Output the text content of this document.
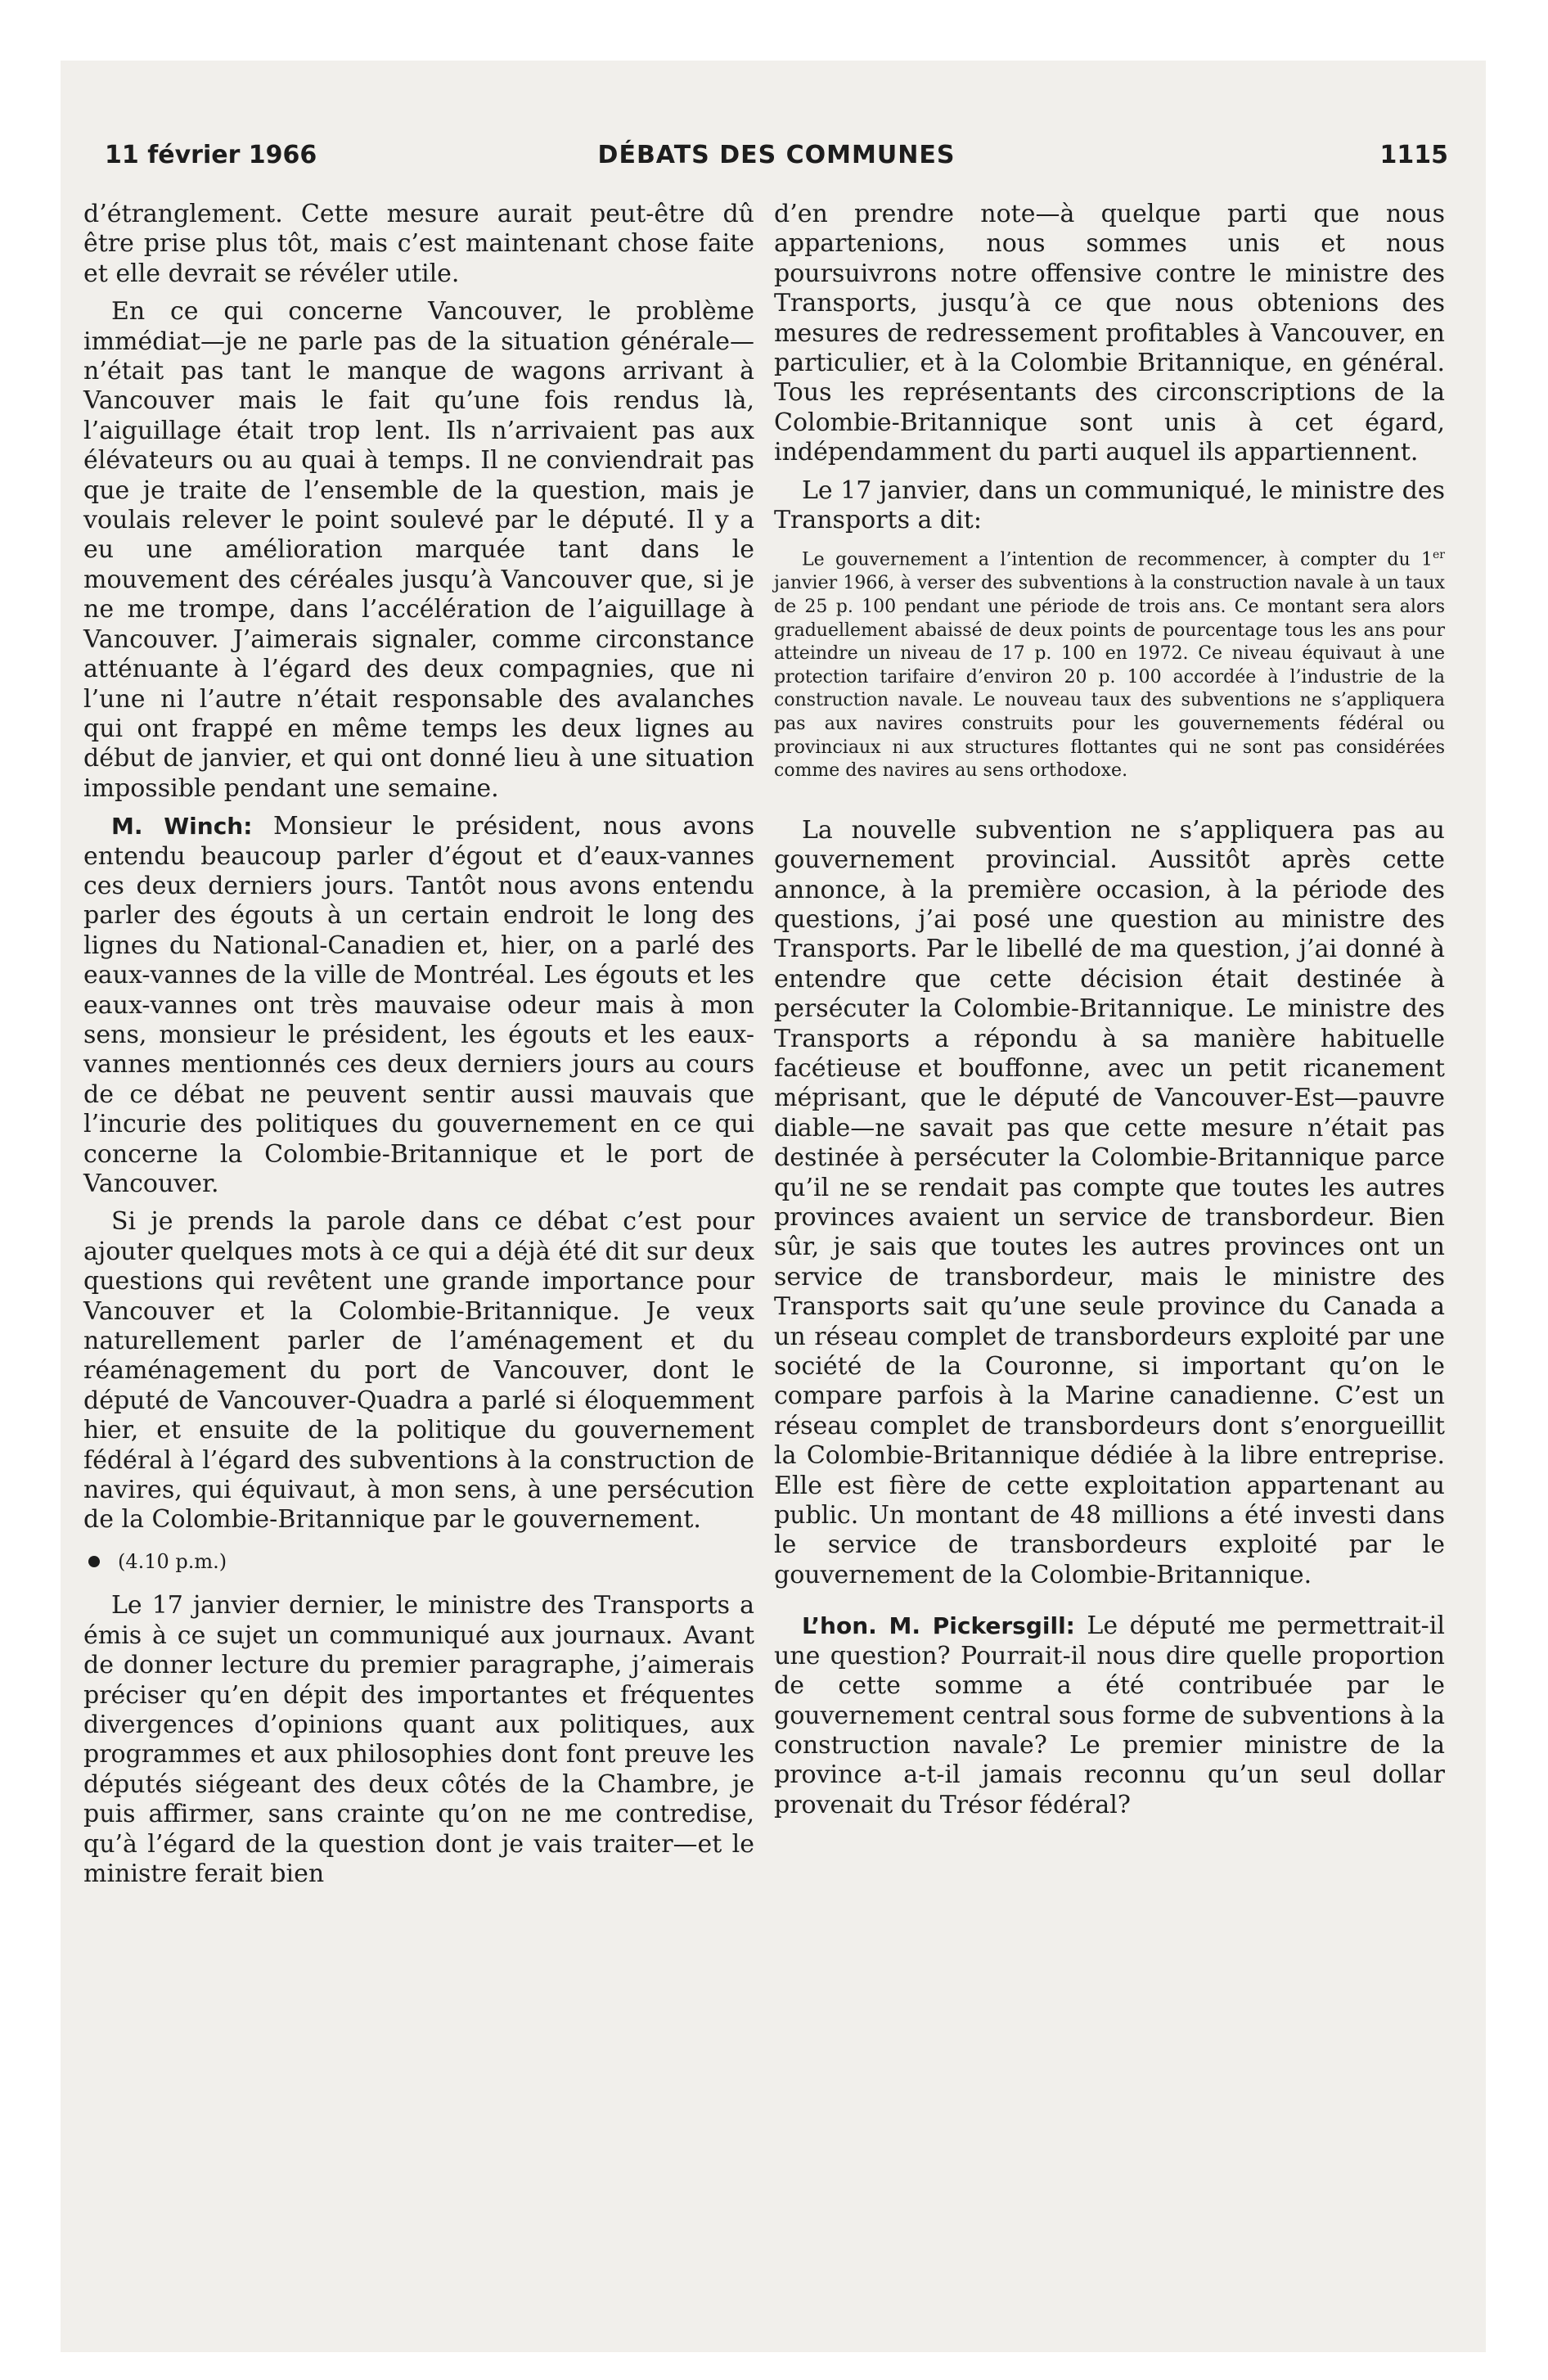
11 février 1966	DÉBATS DES COMMUNES	1115

d’étranglement. Cette mesure aurait peut-être dû être prise plus tôt, mais c’est maintenant chose faite et elle devrait se révéler utile.

En ce qui concerne Vancouver, le problème immédiat—je ne parle pas de la situation générale—n’était pas tant le manque de wagons arrivant à Vancouver mais le fait qu’une fois rendus là, l’aiguillage était trop lent. Ils n’arrivaient pas aux élévateurs ou au quai à temps. Il ne conviendrait pas que je traite de l’ensemble de la question, mais je voulais relever le point soulevé par le député. Il y a eu une amélioration marquée tant dans le mouvement des céréales jusqu’à Vancouver que, si je ne me trompe, dans l’accélération de l’aiguillage à Vancouver. J’aimerais signaler, comme circonstance atténuante à l’égard des deux compagnies, que ni l’une ni l’autre n’était responsable des avalanches qui ont frappé en même temps les deux lignes au début de janvier, et qui ont donné lieu à une situation impossible pendant une semaine.

M. Winch: Monsieur le président, nous avons entendu beaucoup parler d’égout et d’eaux-vannes ces deux derniers jours. Tantôt nous avons entendu parler des égouts à un certain endroit le long des lignes du National-Canadien et, hier, on a parlé des eaux-vannes de la ville de Montréal. Les égouts et les eaux-vannes ont très mauvaise odeur mais à mon sens, monsieur le président, les égouts et les eaux-vannes mentionnés ces deux derniers jours au cours de ce débat ne peuvent sentir aussi mauvais que l’incurie des politiques du gouvernement en ce qui concerne la Colombie-Britannique et le port de Vancouver.

Si je prends la parole dans ce débat c’est pour ajouter quelques mots à ce qui a déjà été dit sur deux questions qui revêtent une grande importance pour Vancouver et la Colombie-Britannique. Je veux naturellement parler de l’aménagement et du réaménagement du port de Vancouver, dont le député de Vancouver-Quadra a parlé si éloquemment hier, et ensuite de la politique du gouvernement fédéral à l’égard des subventions à la construction de navires, qui équivaut, à mon sens, à une persécution de la Colombie-Britannique par le gouvernement.

(4.10 p.m.)

Le 17 janvier dernier, le ministre des Transports a émis à ce sujet un communiqué aux journaux. Avant de donner lecture du premier paragraphe, j’aimerais préciser qu’en dépit des importantes et fréquentes divergences d’opinions quant aux politiques, aux programmes et aux philosophies dont font preuve les députés siégeant des deux côtés de la Chambre, je puis affirmer, sans crainte qu’on ne me contredise, qu’à l’égard de la question dont je vais traiter—et le ministre ferait bien

d’en prendre note—à quelque parti que nous appartenions, nous sommes unis et nous poursuivrons notre offensive contre le ministre des Transports, jusqu’à ce que nous obtenions des mesures de redressement profitables à Vancouver, en particulier, et à la Colombie Britannique, en général. Tous les représentants des circonscriptions de la Colombie-Britannique sont unis à cet égard, indépendamment du parti auquel ils appartiennent.

Le 17 janvier, dans un communiqué, le ministre des Transports a dit:

Le gouvernement a l’intention de recommencer, à compter du 1er janvier 1966, à verser des subventions à la construction navale à un taux de 25 p. 100 pendant une période de trois ans. Ce montant sera alors graduellement abaissé de deux points de pourcentage tous les ans pour atteindre un niveau de 17 p. 100 en 1972. Ce niveau équivaut à une protection tarifaire d’environ 20 p. 100 accordée à l’industrie de la construction navale. Le nouveau taux des subventions ne s’appliquera pas aux navires construits pour les gouvernements fédéral ou provinciaux ni aux structures flottantes qui ne sont pas considérées comme des navires au sens orthodoxe.

La nouvelle subvention ne s’appliquera pas au gouvernement provincial. Aussitôt après cette annonce, à la première occasion, à la période des questions, j’ai posé une question au ministre des Transports. Par le libellé de ma question, j’ai donné à entendre que cette décision était destinée à persécuter la Colombie-Britannique. Le ministre des Transports a répondu à sa manière habituelle facétieuse et bouffonne, avec un petit ricanement méprisant, que le député de Vancouver-Est—pauvre diable—ne savait pas que cette mesure n’était pas destinée à persécuter la Colombie-Britannique parce qu’il ne se rendait pas compte que toutes les autres provinces avaient un service de transbordeur. Bien sûr, je sais que toutes les autres provinces ont un service de transbordeur, mais le ministre des Transports sait qu’une seule province du Canada a un réseau complet de transbordeurs exploité par une société de la Couronne, si important qu’on le compare parfois à la Marine canadienne. C’est un réseau complet de transbordeurs dont s’enorgueillit la Colombie-Britannique dédiée à la libre entreprise. Elle est fière de cette exploitation appartenant au public. Un montant de 48 millions a été investi dans le service de transbordeurs exploité par le gouvernement de la Colombie-Britannique.

L’hon. M. Pickersgill: Le député me permettrait-il une question? Pourrait-il nous dire quelle proportion de cette somme a été contribuée par le gouvernement central sous forme de subventions à la construction navale? Le premier ministre de la province a-t-il jamais reconnu qu’un seul dollar provenait du Trésor fédéral?
